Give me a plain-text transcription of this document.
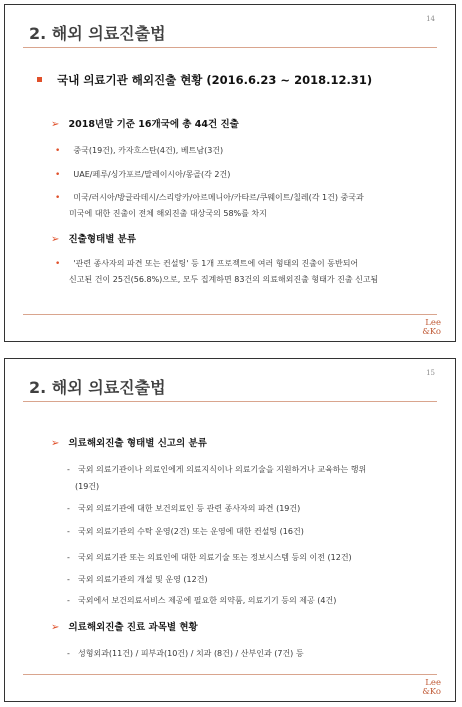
2. 해외 의료진출법
14
국내 의료기관 해외진출 현황 (2016.6.23 ~ 2018.12.31)
➢ 2018년말 기준 16개국에 총 44건 진출
• 중국(19건), 카자흐스탄(4건), 베트남(3건)
• UAE/페루/싱가포르/말레이시아/몽골(각 2건)
• 미국/러시아/방글라데시/스리랑카/아르메니아/카타르/쿠웨이트/칠레(각 1건) 중국과
미국에 대한 진출이 전체 해외진출 대상국의 58%를 차지
➢ 진출형태별 분류
• '관련 종사자의 파견 또는 컨설팅' 등 1개 프로젝트에 여러 형태의 진출이 동반되어
신고된 건이 25건(56.8%)으로, 모두 집계하면 83건의 의료해외진출 형태가 진출 신고됨
Lee
&Ko
2. 해외 의료진출법
15
➢ 의료해외진출 형태별 신고의 분류
- 국외 의료기관이나 의료인에게 의료지식이나 의료기술을 지원하거나 교육하는 행위
(19건)
- 국외 의료기관에 대한 보건의료인 등 관련 종사자의 파견 (19건)
- 국외 의료기관의 수탁 운영(2건) 또는 운영에 대한 컨설팅 (16건)
- 국외 의료기관 또는 의료인에 대한 의료기술 또는 정보시스템 등의 이전 (12건)
- 국외 의료기관의 개설 및 운영 (12건)
- 국외에서 보건의료서비스 제공에 필요한 의약품, 의료기기 등의 제공 (4건)
➢ 의료해외진출 진료 과목별 현황
- 성형외과(11건) / 피부과(10건) / 치과 (8건) / 산부인과 (7건) 등
Lee
&Ko
